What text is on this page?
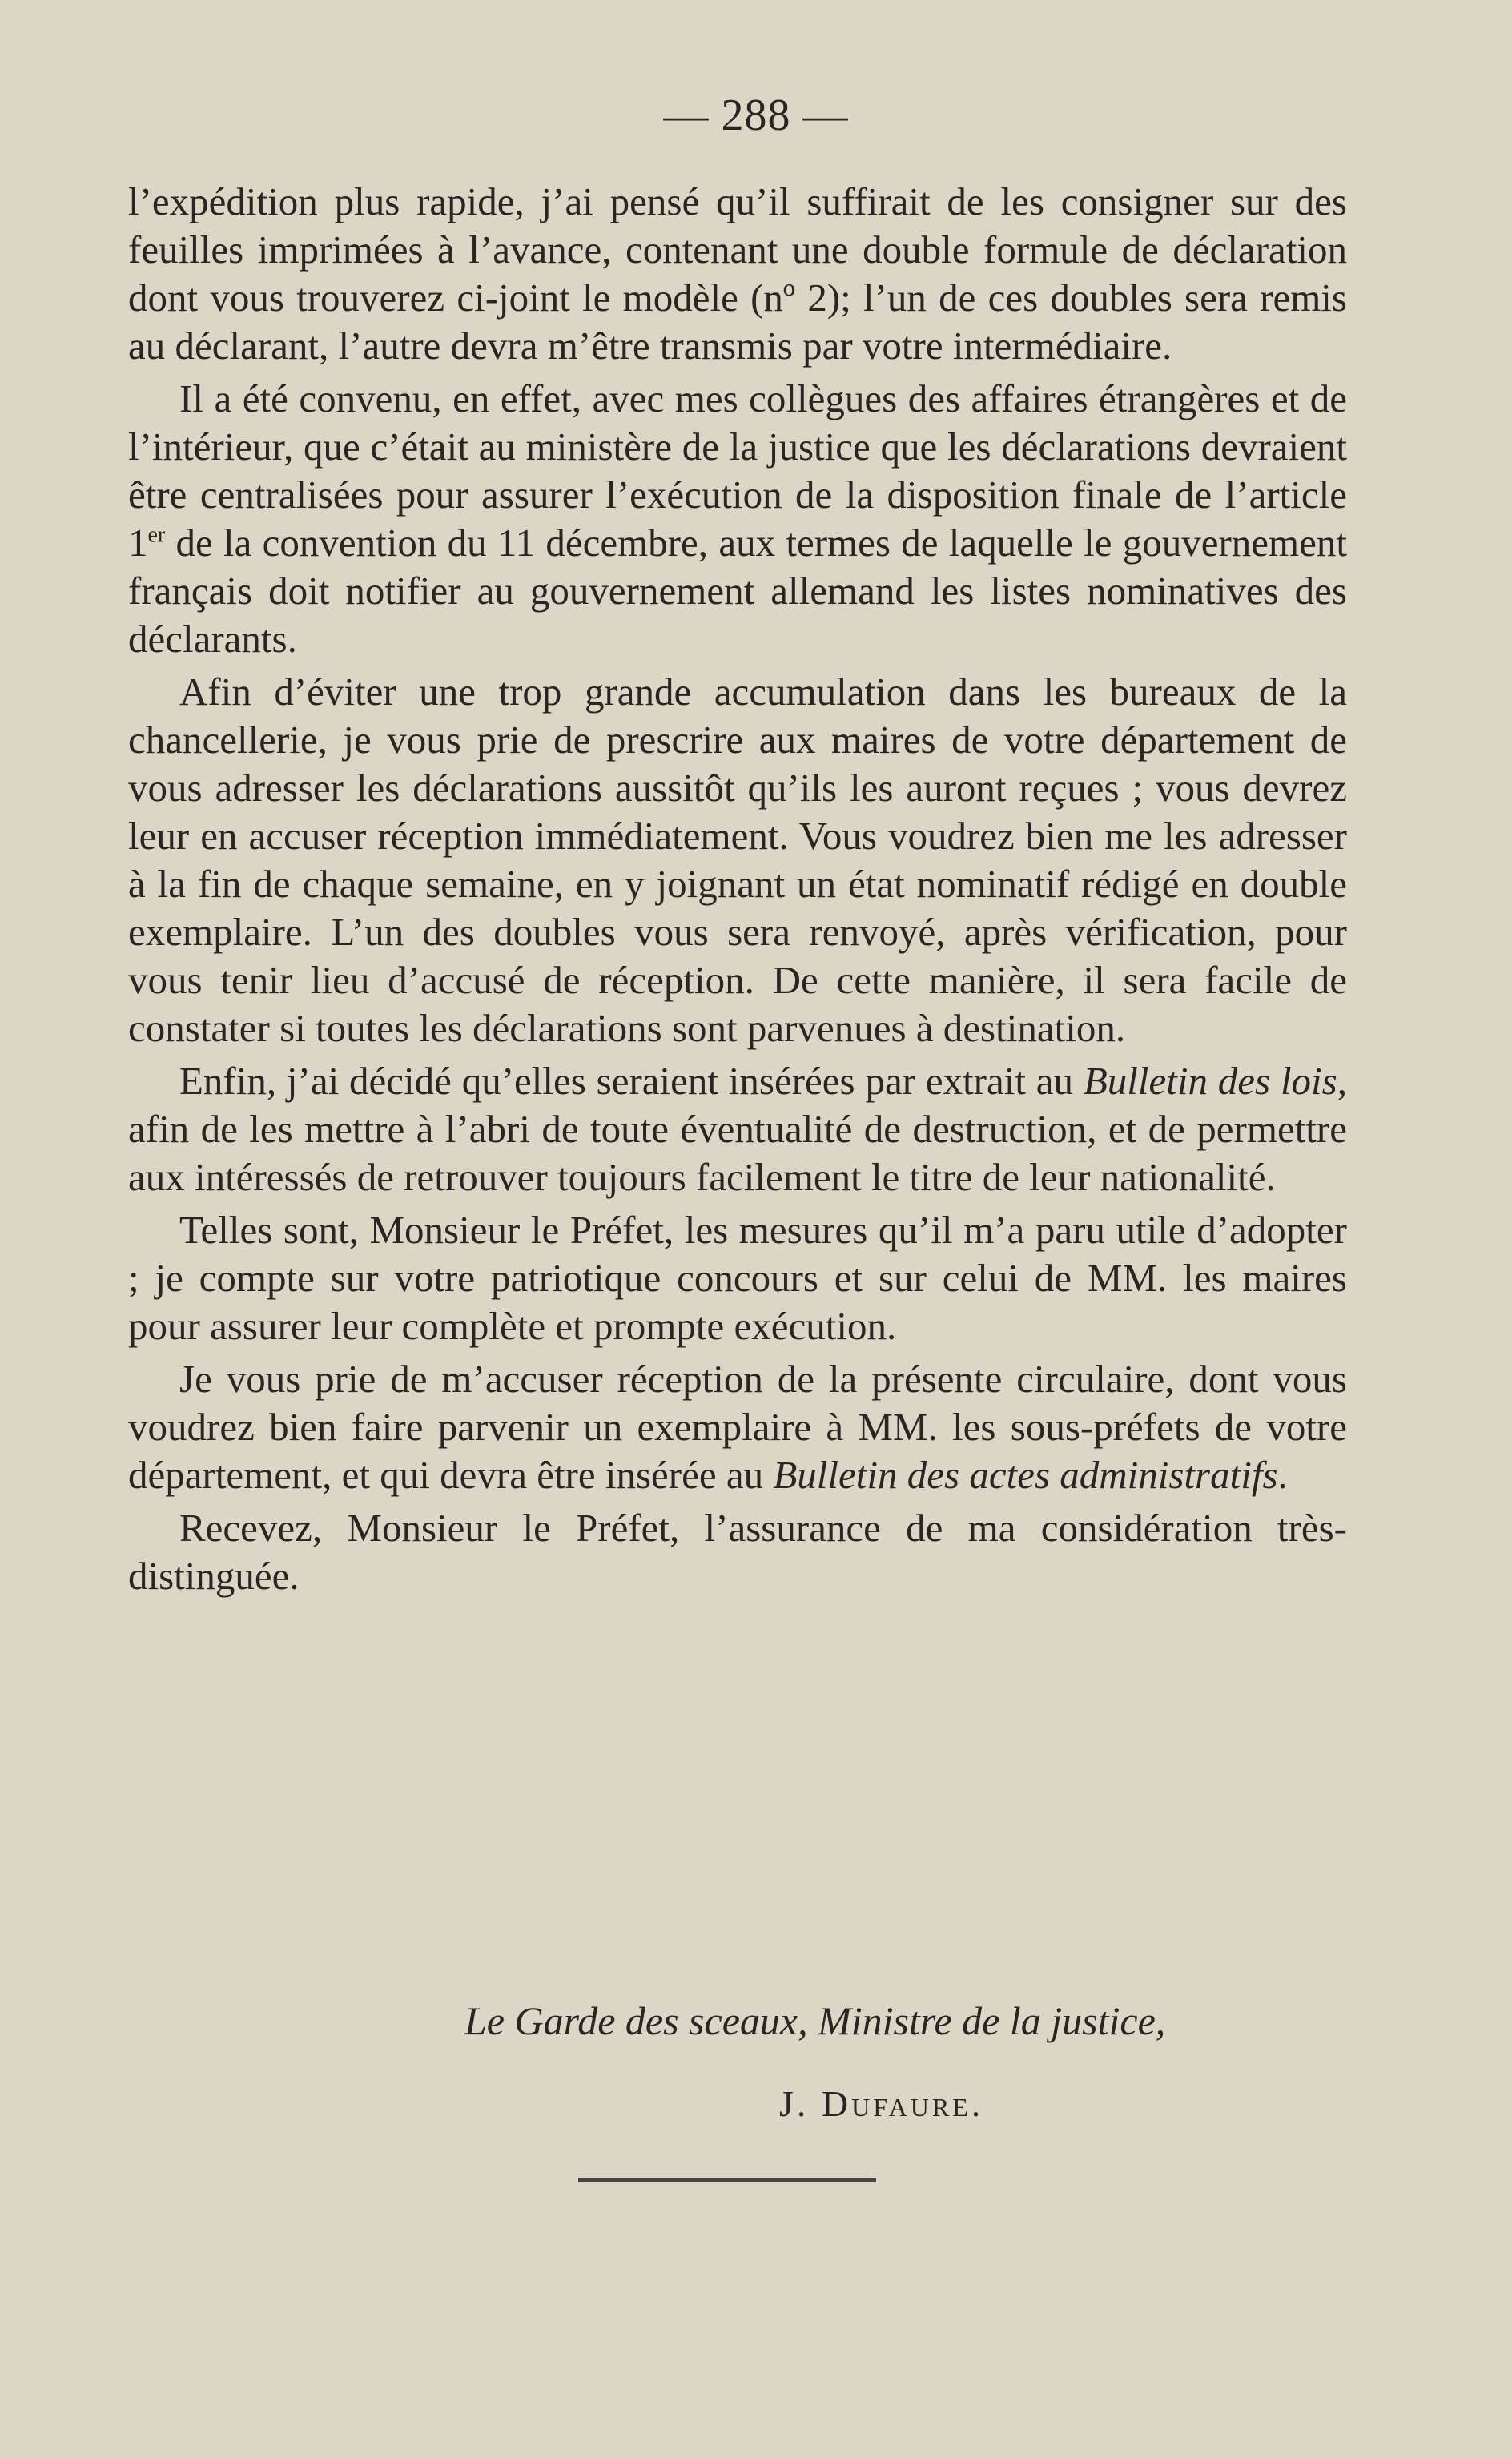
— 288 —

l’expédition plus rapide, j’ai pensé qu’il suffirait de les consigner sur des feuilles imprimées à l’avance, contenant une double formule de déclaration dont vous trouverez ci-joint le modèle (nº 2); l’un de ces doubles sera remis au déclarant, l’autre devra m’être transmis par votre intermédiaire.

Il a été convenu, en effet, avec mes collègues des affaires étrangères et de l’intérieur, que c’était au ministère de la justice que les déclarations devraient être centralisées pour assurer l’exécution de la disposition finale de l’article 1er de la convention du 11 décembre, aux termes de laquelle le gouvernement français doit notifier au gouvernement allemand les listes nominatives des déclarants.

Afin d’éviter une trop grande accumulation dans les bureaux de la chancellerie, je vous prie de prescrire aux maires de votre département de vous adresser les déclarations aussitôt qu’ils les auront reçues ; vous devrez leur en accuser réception immédiatement. Vous voudrez bien me les adresser à la fin de chaque semaine, en y joignant un état nominatif rédigé en double exemplaire. L’un des doubles vous sera renvoyé, après vérification, pour vous tenir lieu d’accusé de réception. De cette manière, il sera facile de constater si toutes les déclarations sont parvenues à destination.

Enfin, j’ai décidé qu’elles seraient insérées par extrait au Bulletin des lois, afin de les mettre à l’abri de toute éventualité de destruction, et de permettre aux intéressés de retrouver toujours facilement le titre de leur nationalité.

Telles sont, Monsieur le Préfet, les mesures qu’il m’a paru utile d’adopter ; je compte sur votre patriotique concours et sur celui de MM. les maires pour assurer leur complète et prompte exécution.

Je vous prie de m’accuser réception de la présente circulaire, dont vous voudrez bien faire parvenir un exemplaire à MM. les sous-préfets de votre département, et qui devra être insérée au Bulletin des actes administratifs.

Recevez, Monsieur le Préfet, l’assurance de ma considération très-distinguée.

Le Garde des sceaux, Ministre de la justice,
J. Dufaure.
